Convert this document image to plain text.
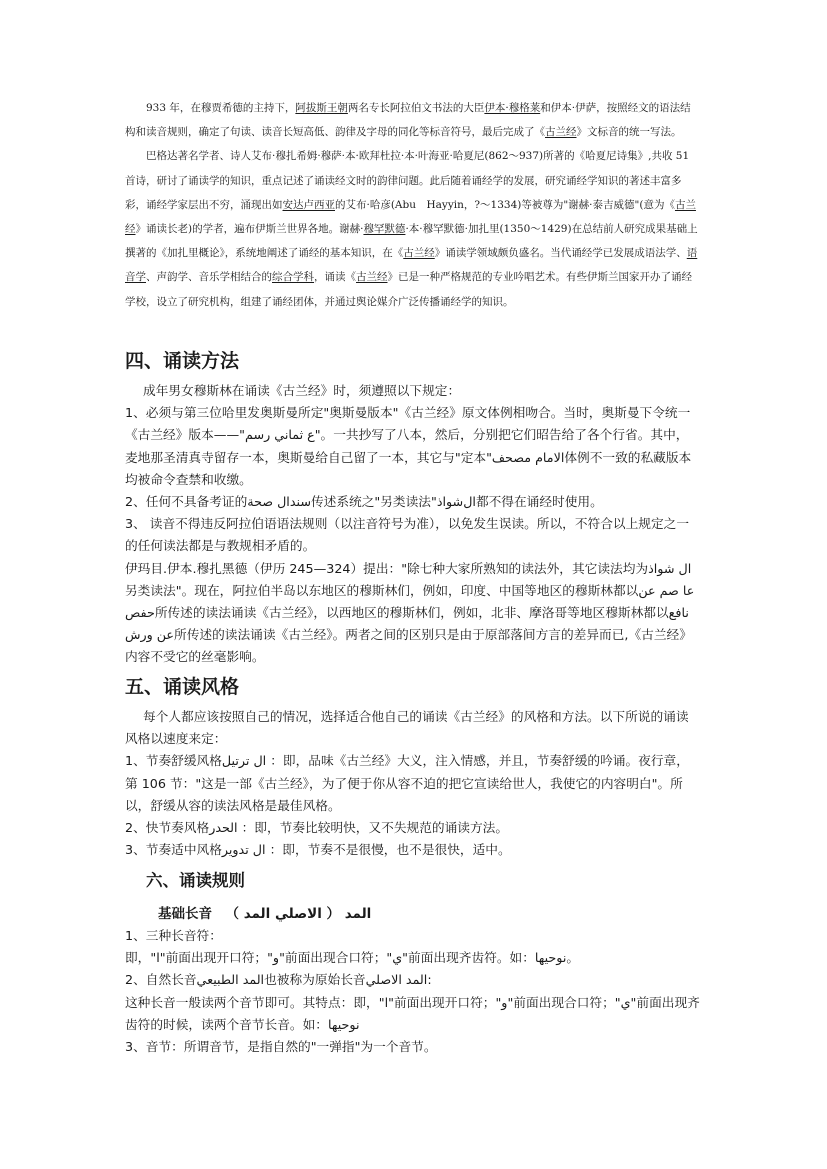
933 年，在穆贾希德的主持下，阿拔斯王朝两名专长阿拉伯文书法的大臣伊本·穆格莱和伊本·伊萨，按照经文的语法结构和读音规则，确定了句读、读音长短高低、韵律及字母的同化等标音符号，最后完成了《古兰经》文标音的统一写法。

巴格达著名学者、诗人艾布·穆扎希姆·穆萨·本·欧拜杜拉·本·叶海亚·哈夏尼(862～937)所著的《哈夏尼诗集》,共收 51 首诗，研讨了诵读学的知识，重点记述了诵读经文时的韵律问题。此后随着诵经学的发展，研究诵经学知识的著述丰富多彩，诵经学家层出不穷，涌现出如安达卢西亚的艾布·哈彦(Abu　Hayyin，?～1334)等被尊为"谢赫·泰吉威德"(意为《古兰经》诵读长老)的学者，遍布伊斯兰世界各地。谢赫·穆罕默德·本·穆罕默德·加扎里(1350～1429)在总结前人研究成果基础上撰著的《加扎里概论》，系统地阐述了诵经的基本知识，在《古兰经》诵读学领域颇负盛名。当代诵经学已发展成语法学、语音学、声韵学、音乐学相结合的综合学科，诵读《古兰经》已是一种严格规范的专业吟唱艺术。有些伊斯兰国家开办了诵经学校，设立了研究机构，组建了诵经团体，并通过舆论媒介广泛传播诵经学的知识。

四、诵读方法

成年男女穆斯林在诵读《古兰经》时，须遵照以下规定：

1、必须与第三位哈里发奥斯曼所定"奥斯曼版本"《古兰经》原文体例相吻合。当时，奥斯曼下令统一《古兰经》版本——"ع ثماني رسم"。一共抄写了八本，然后，分别把它们昭告给了各个行省。其中，麦地那圣清真寺留存一本，奥斯曼给自己留了一本，其它与"定本"الامام مصحف体例不一致的私藏版本均被命令查禁和收缴。

2、任何不具备考证的صحة السند传述系统之"另类读法"شواذال都不得在诵经时使用。

3、 读音不得违反阿拉伯语语法规则（以注音符号为准），以免发生误读。所以，不符合以上规定之一的任何读法都是与教规相矛盾的。

伊玛目.伊本.穆扎黑德（伊历 245—324）提出："除七种大家所熟知的读法外，其它读法均为شواذ ال 另类读法"。现在，阿拉伯半岛以东地区的穆斯林们，例如，印度、中国等地区的穆斯林都以عا صم عن حفص所传述的读法诵读《古兰经》，以西地区的穆斯林们，例如，北非、摩洛哥等地区穆斯林都以نافع عن ورش所传述的读法诵读《古兰经》。两者之间的区别只是由于原部落间方言的差异而已,《古兰经》内容不受它的丝毫影响。

五、诵读风格

每个人都应该按照自己的情况，选择适合他自己的诵读《古兰经》的风格和方法。以下所说的诵读风格以速度来定：

1、节奏舒缓风格ترتيل ال ：即，品味《古兰经》大义，注入情感，并且，节奏舒缓的吟诵。夜行章，第 106 节："这是一部《古兰经》，为了便于你从容不迫的把它宣读给世人，我使它的内容明白"。所以，舒缓从容的读法风格是最佳风格。

2、快节奏风格الحدر ：即，节奏比较明快，又不失规范的诵读方法。

3、节奏适中风格تدوير ال ：即，节奏不是很慢，也不是很快，适中。

六、诵读规则
基础长音　 المد （ الاصلي المد ）

1、三种长音符：

即，"ا"前面出现开口符；"و"前面出现合口符；"ي"前面出现齐齿符。如：نوحيها。

2、自然长音المد الطبيعي也被称为原始长音المد الاصلي:

这种长音一般读两个音节即可。其特点：即，"ا"前面出现开口符；"و"前面出现合口符；"ي"前面出现齐齿符的时候，读两个音节长音。如：نوحيها

3、音节：所谓音节，是指自然的"一弹指"为一个音节。
